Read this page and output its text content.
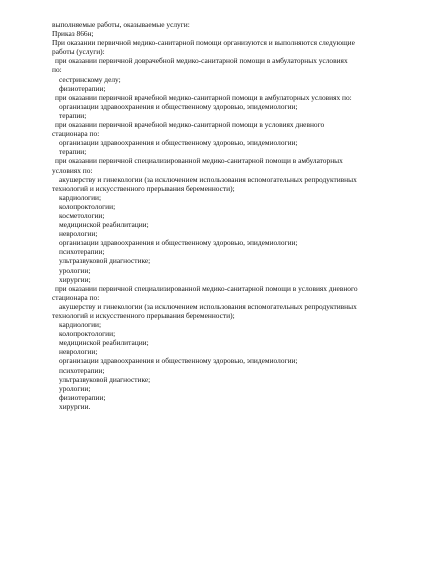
выполняемые работы, оказываемые услуги:
Приказ 866н;
При оказании первичной медико-санитарной помощи организуются и выполняются следующие
работы (услуги):
при оказании первичной доврачебной медико-санитарной помощи в амбулаторных условиях
по:
сестринскому делу;
физиотерапии;
при оказании первичной врачебной медико-санитарной помощи в амбулаторных условиях по:
организации здравоохранения и общественному здоровью, эпидемиологии;
терапии;
при оказании первичной врачебной медико-санитарной помощи в условиях дневного
стационара по:
организации здравоохранения и общественному здоровью, эпидемиологии;
терапии;
при оказании первичной специализированной медико-санитарной помощи в амбулаторных
условиях по:
акушерству и гинекологии (за исключением использования вспомогательных репродуктивных
технологий и искусственного прерывания беременности);
кардиологии;
колопроктологии;
косметологии;
медицинской реабилитации;
неврологии;
организации здравоохранения и общественному здоровью, эпидемиологии;
психотерапии;
ультразвуковой диагностике;
урологии;
хирургии;
при оказании первичной специализированной медико-санитарной помощи в условиях дневного
стационара по:
акушерству и гинекологии (за исключением использования вспомогательных репродуктивных
технологий и искусственного прерывания беременности);
кардиологии;
колопроктологии;
медицинской реабилитации;
неврологии;
организации здравоохранения и общественному здоровью, эпидемиологии;
психотерапии;
ультразвуковой диагностике;
урологии;
физиотерапии;
хирургии.
